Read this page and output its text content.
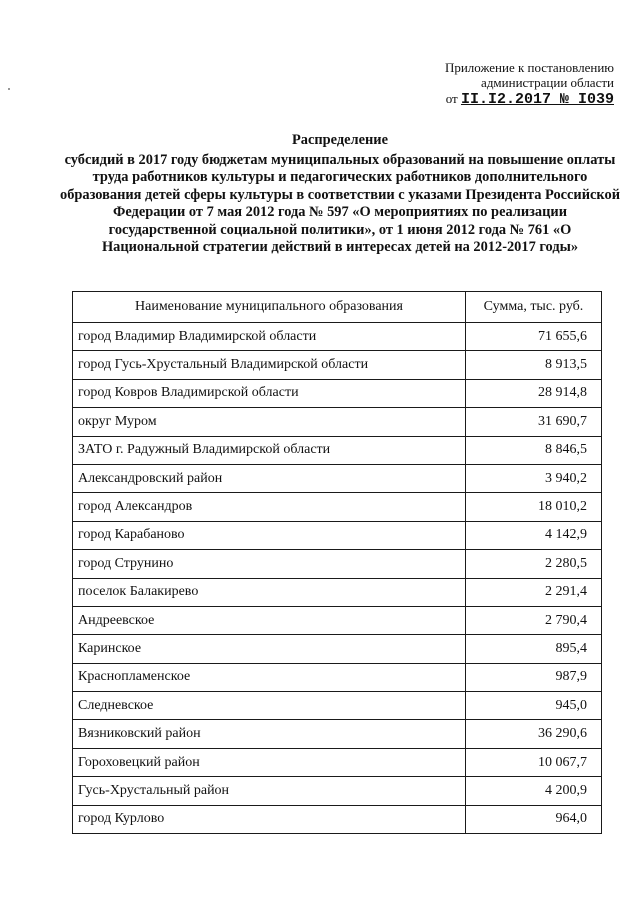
Приложение к постановлению
администрации области
от II.I2.2017 № I039
Распределение
субсидий в 2017 году бюджетам муниципальных образований на повышение оплаты труда работников культуры и педагогических работников дополнительного образования детей сферы культуры в соответствии с указами Президента Российской Федерации от 7 мая 2012 года № 597 «О мероприятиях по реализации государственной социальной политики», от 1 июня 2012 года № 761 «О Национальной стратегии действий в интересах детей на 2012-2017 годы»
Наименование муниципального образования	Сумма, тыс. руб.
город Владимир Владимирской области	71 655,6
город Гусь-Хрустальный Владимирской области	8 913,5
город Ковров Владимирской области	28 914,8
округ Муром	31 690,7
ЗАТО г. Радужный Владимирской области	8 846,5
Александровский район	3 940,2
город Александров	18 010,2
город Карабаново	4 142,9
город Струнино	2 280,5
поселок Балакирево	2 291,4
Андреевское	2 790,4
Каринское	895,4
Краснопламенское	987,9
Следневское	945,0
Вязниковский район	36 290,6
Гороховецкий район	10 067,7
Гусь-Хрустальный район	4 200,9
город Курлово	964,0
